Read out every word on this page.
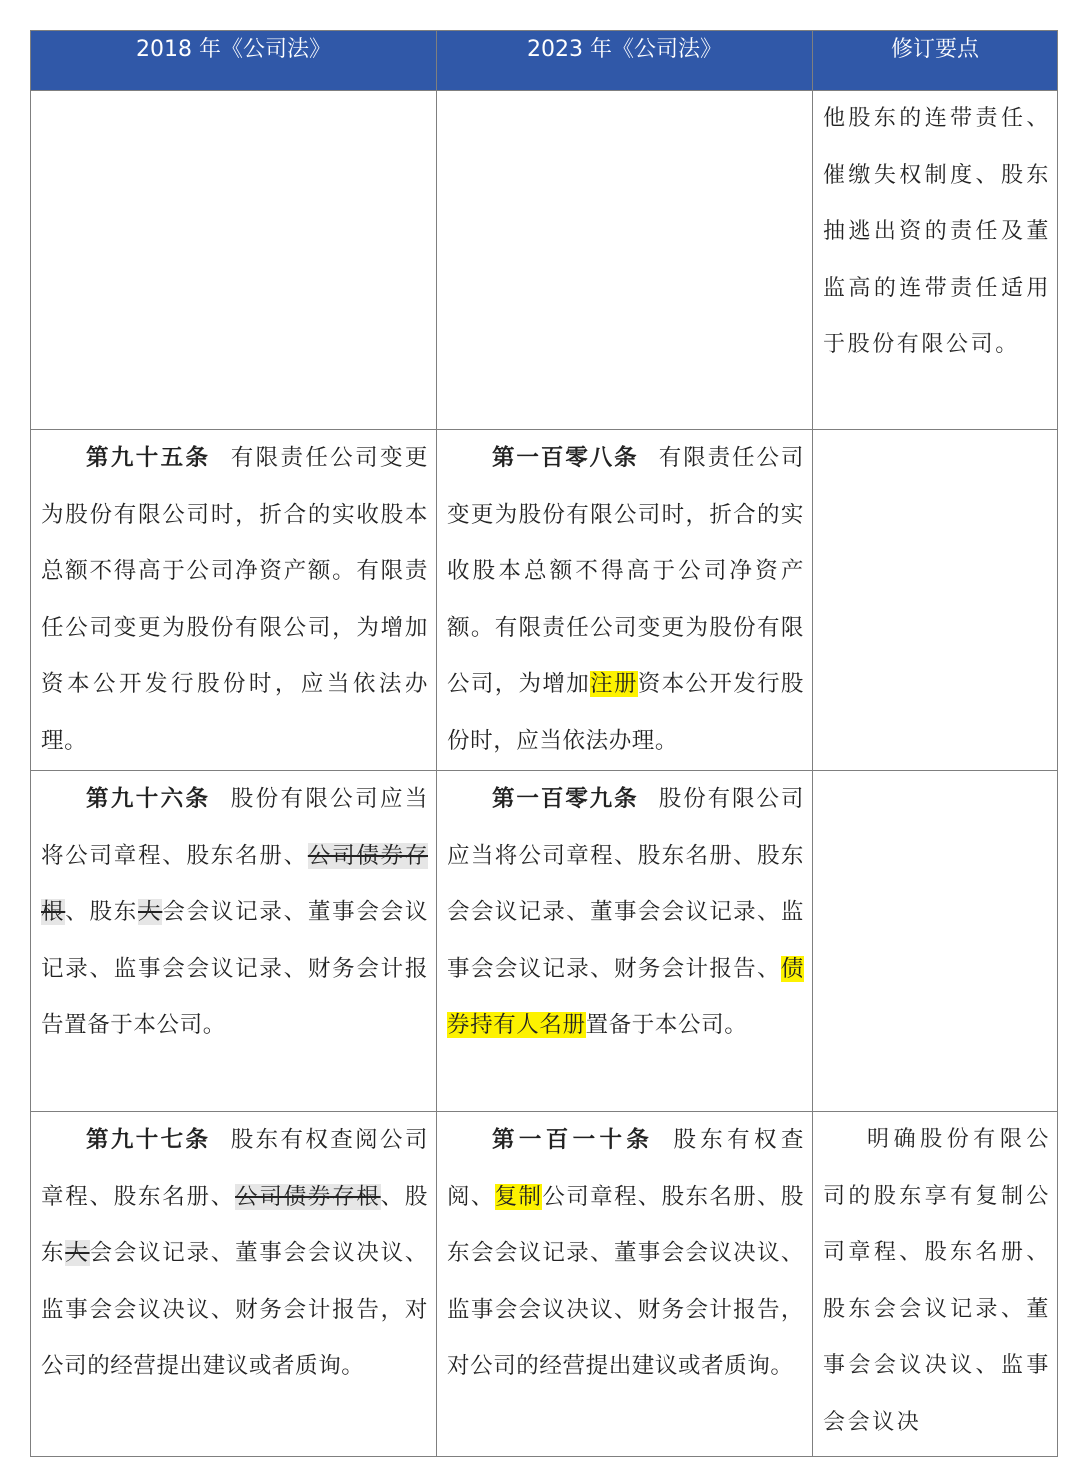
2018 年《公司法》	2023 年《公司法》	修订要点

		他股东的连带责任、催缴失权制度、股东抽逃出资的责任及董监高的连带责任适用于股份有限公司。

第九十五条 有限责任公司变更为股份有限公司时，折合的实收股本总额不得高于公司净资产额。有限责任公司变更为股份有限公司，为增加资本公开发行股份时，应当依法办理。	第一百零八条 有限责任公司变更为股份有限公司时，折合的实收股本总额不得高于公司净资产额。有限责任公司变更为股份有限公司，为增加注册资本公开发行股份时，应当依法办理。	

第九十六条 股份有限公司应当将公司章程、股东名册、公司债券存根、股东大会会议记录、董事会会议记录、监事会会议记录、财务会计报告置备于本公司。	第一百零九条 股份有限公司应当将公司章程、股东名册、股东会会议记录、董事会会议记录、监事会会议记录、财务会计报告、债券持有人名册置备于本公司。	

第九十七条 股东有权查阅公司章程、股东名册、公司债券存根、股东大会会议记录、董事会会议决议、监事会会议决议、财务会计报告，对公司的经营提出建议或者质询。	第一百一十条 股东有权查阅、复制公司章程、股东名册、股东会会议记录、董事会会议决议、监事会会议决议、财务会计报告，对公司的经营提出建议或者质询。	明确股份有限公司的股东享有复制公司章程、股东名册、股东会会议记录、董事会会议决议、监事会会议决
